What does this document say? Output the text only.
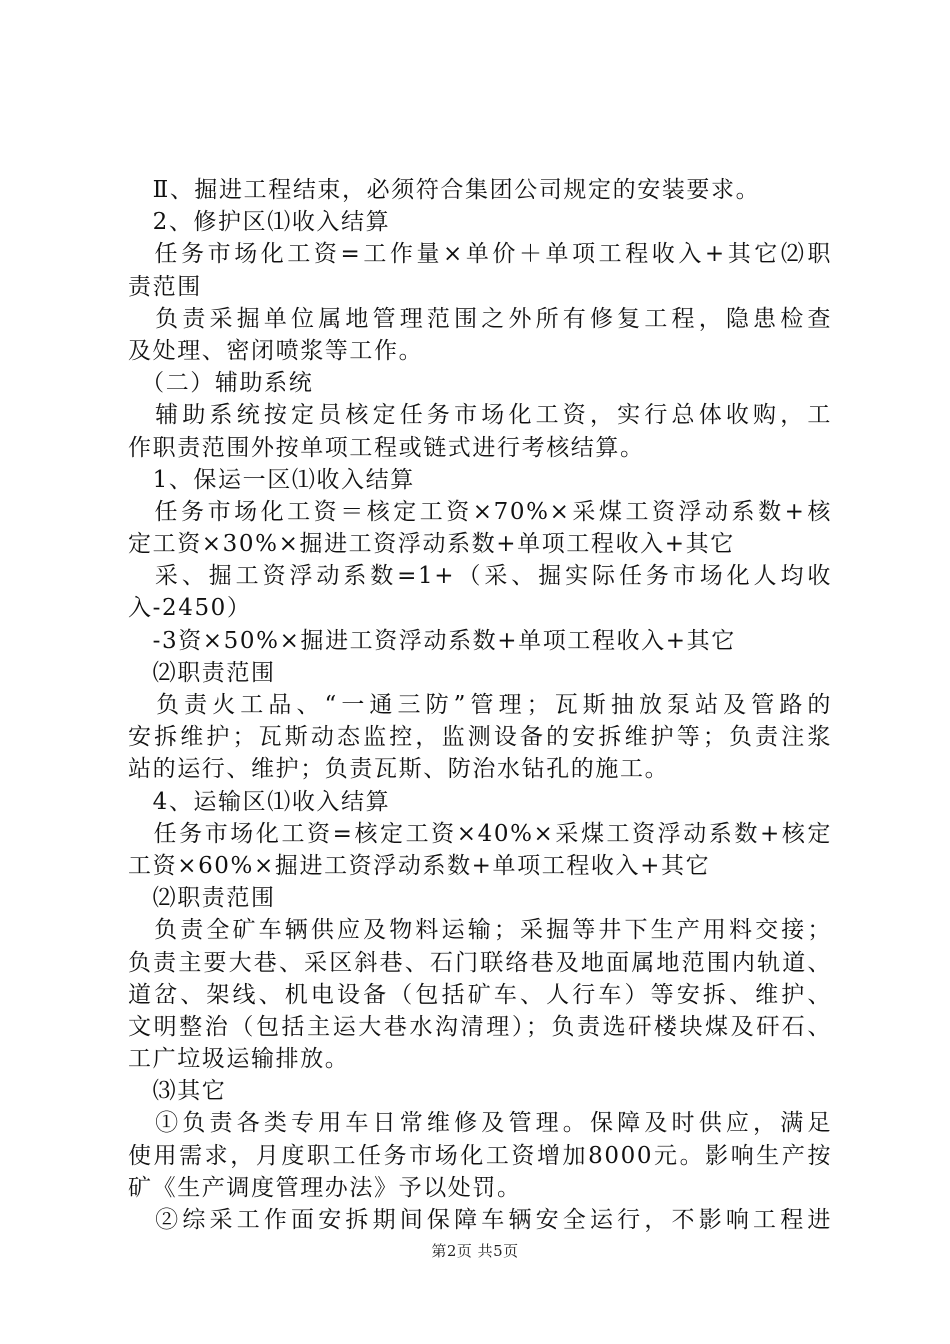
　Ⅱ、掘进工程结束，必须符合集团公司规定的安装要求。
　2、修护区⑴收入结算
　任务市场化工资=工作量×单价＋单项工程收入+其它⑵职
责范围
　负责采掘单位属地管理范围之外所有修复工程，隐患检查
及处理、密闭喷浆等工作。
　（二）辅助系统
　辅助系统按定员核定任务市场化工资，实行总体收购，工
作职责范围外按单项工程或链式进行考核结算。
　1、保运一区⑴收入结算
　任务市场化工资＝核定工资×70%×采煤工资浮动系数+核
定工资×30%×掘进工资浮动系数+单项工程收入+其它
　采、掘工资浮动系数=1+（采、掘实际任务市场化人均收
入-2450）
　-3资×50%×掘进工资浮动系数+单项工程收入+其它
　⑵职责范围
　负责火工品、“一通三防”管理；瓦斯抽放泵站及管路的
安拆维护；瓦斯动态监控，监测设备的安拆维护等；负责注浆
站的运行、维护；负责瓦斯、防治水钻孔的施工。
　4、运输区⑴收入结算
　任务市场化工资=核定工资×40%×采煤工资浮动系数+核定
工资×60%×掘进工资浮动系数+单项工程收入+其它
　⑵职责范围
　负责全矿车辆供应及物料运输；采掘等井下生产用料交接；
负责主要大巷、采区斜巷、石门联络巷及地面属地范围内轨道、
道岔、架线、机电设备（包括矿车、人行车）等安拆、维护、
文明整治（包括主运大巷水沟清理）；负责选矸楼块煤及矸石、
工广垃圾运输排放。
　⑶其它
　①负责各类专用车日常维修及管理。保障及时供应，满足
使用需求，月度职工任务市场化工资增加8000元。影响生产按
矿《生产调度管理办法》予以处罚。
　②综采工作面安拆期间保障车辆安全运行，不影响工程进
第2页 共5页
